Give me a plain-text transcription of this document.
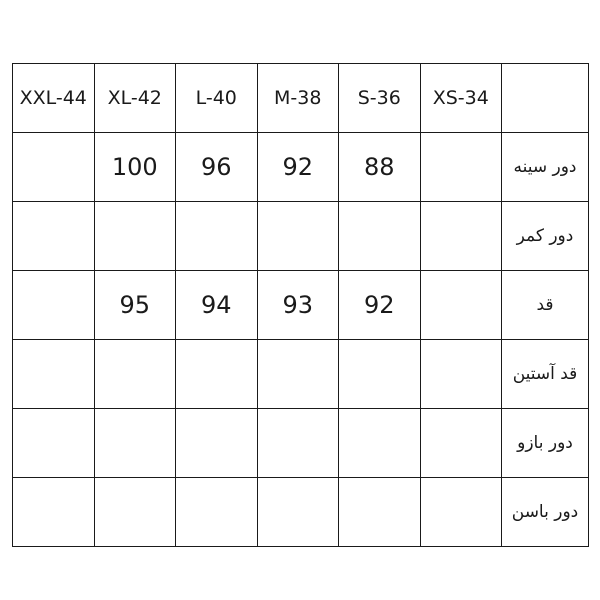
XXL-44	XL-42	L-40	M-38	S-36	XS-34	
	100	96	92	88		دور سینه
						دور کمر
	95	94	93	92		قد
						قد آستین
						دور بازو
						دور باسن
